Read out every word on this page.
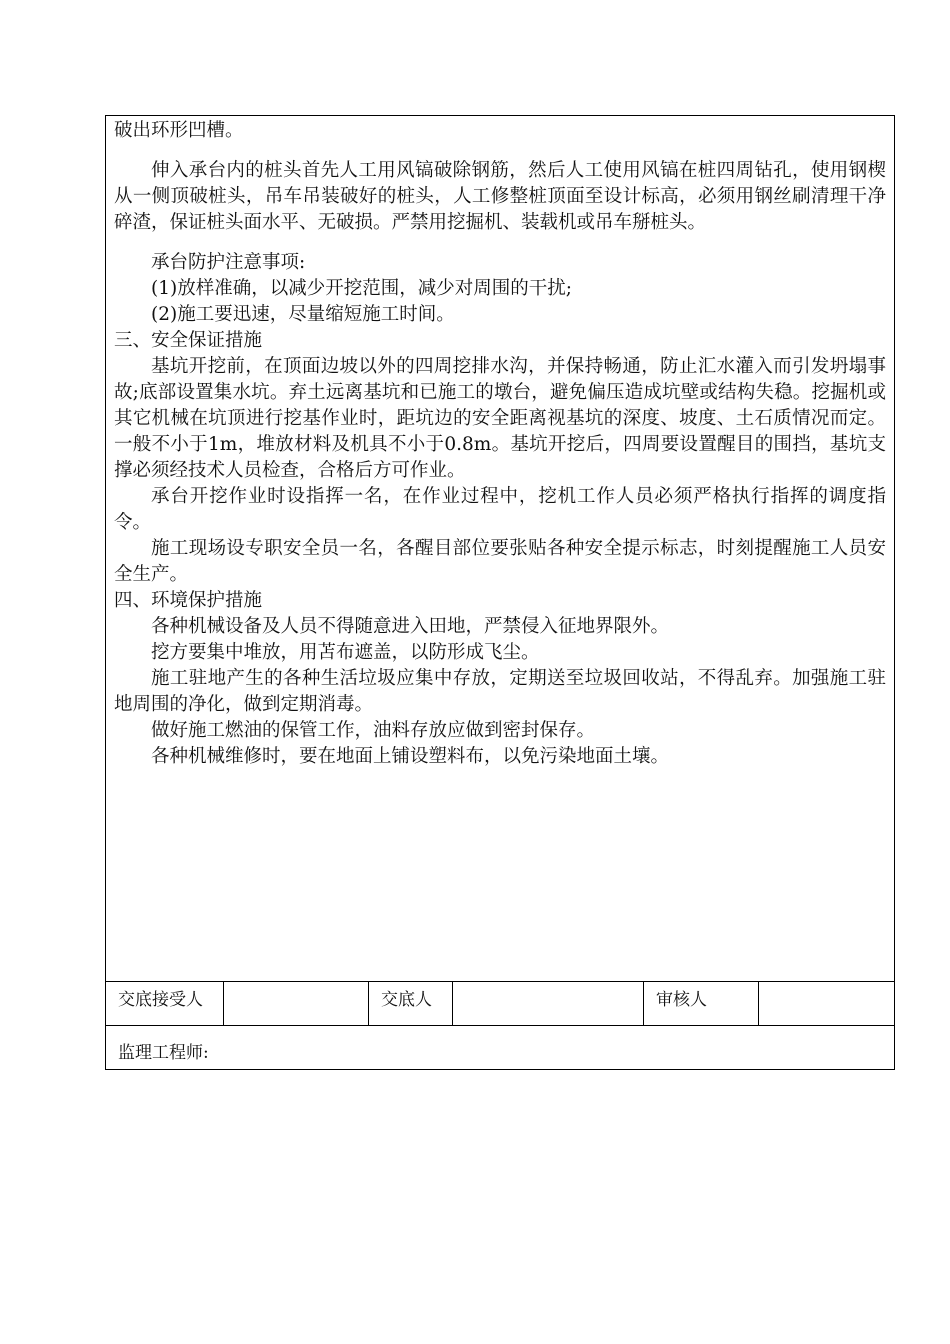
破出环形凹槽。

伸入承台内的桩头首先人工用风镐破除钢筋，然后人工使用风镐在桩四周钻孔，使用钢楔从一侧顶破桩头，吊车吊装破好的桩头，人工修整桩顶面至设计标高，必须用钢丝刷清理干净碎渣，保证桩头面水平、无破损。严禁用挖掘机、装载机或吊车掰桩头。

承台防护注意事项:

(1)放样准确，以减少开挖范围，减少对周围的干扰;

(2)施工要迅速，尽量缩短施工时间。

三、安全保证措施

基坑开挖前，在顶面边坡以外的四周挖排水沟，并保持畅通，防止汇水灌入而引发坍塌事故;底部设置集水坑。弃土远离基坑和已施工的墩台，避免偏压造成坑壁或结构失稳。挖掘机或其它机械在坑顶进行挖基作业时，距坑边的安全距离视基坑的深度、坡度、土石质情况而定。一般不小于1m，堆放材料及机具不小于0.8m。基坑开挖后，四周要设置醒目的围挡，基坑支撑必须经技术人员检查，合格后方可作业。

承台开挖作业时设指挥一名，在作业过程中，挖机工作人员必须严格执行指挥的调度指令。

施工现场设专职安全员一名，各醒目部位要张贴各种安全提示标志，时刻提醒施工人员安全生产。

四、环境保护措施

各种机械设备及人员不得随意进入田地，严禁侵入征地界限外。

挖方要集中堆放，用苫布遮盖，以防形成飞尘。

施工驻地产生的各种生活垃圾应集中存放，定期送至垃圾回收站，不得乱弃。加强施工驻地周围的净化，做到定期消毒。

做好施工燃油的保管工作，油料存放应做到密封保存。

各种机械维修时，要在地面上铺设塑料布，以免污染地面土壤。

交底接受人	交底人	审核人
监理工程师:
